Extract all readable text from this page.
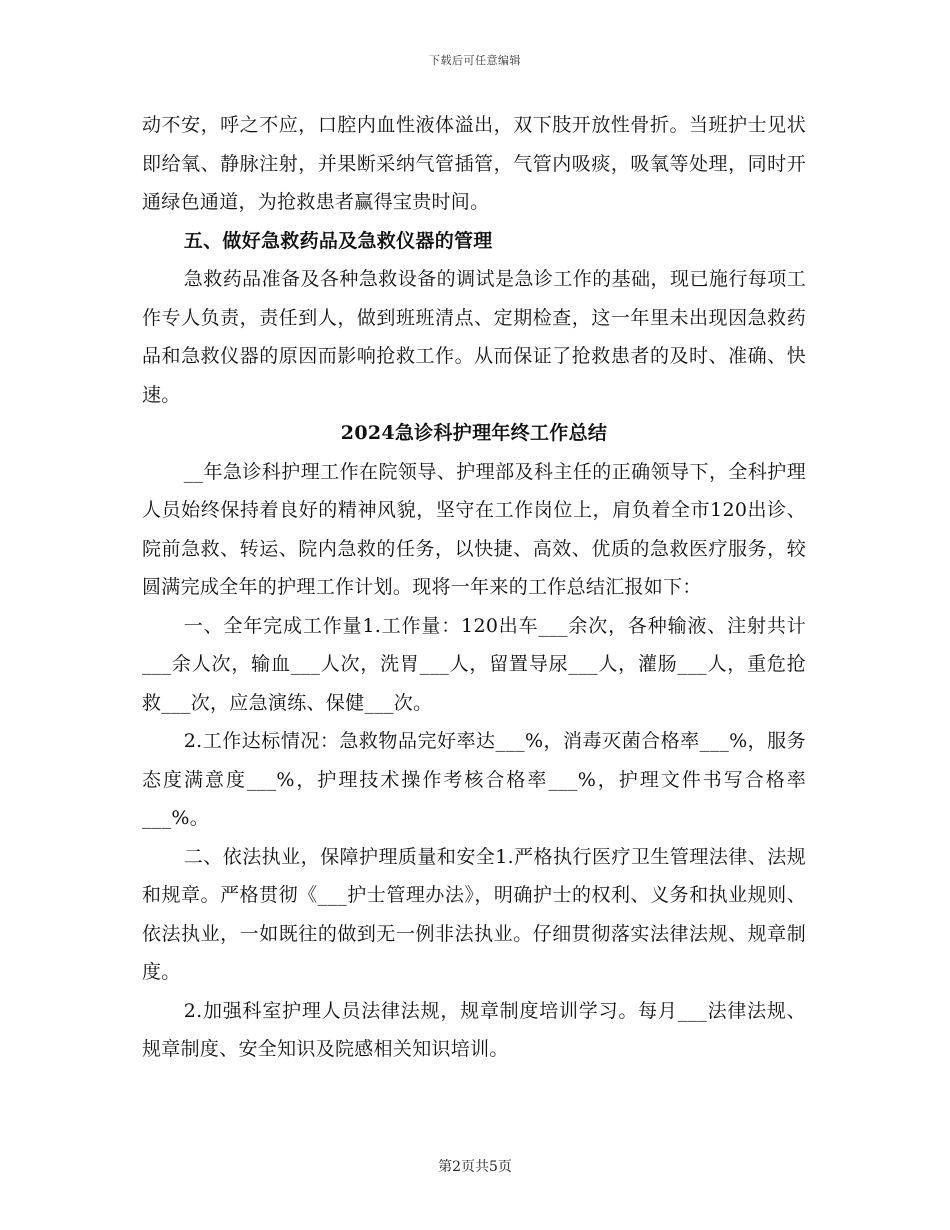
下载后可任意编辑

动不安，呼之不应，口腔内血性液体溢出，双下肢开放性骨折。当班护士见状即给氧、静脉注射，并果断采纳气管插管，气管内吸痰，吸氧等处理，同时开通绿色通道，为抢救患者赢得宝贵时间。

五、做好急救药品及急救仪器的管理

急救药品准备及各种急救设备的调试是急诊工作的基础，现已施行每项工作专人负责，责任到人，做到班班清点、定期检查，这一年里未出现因急救药品和急救仪器的原因而影响抢救工作。从而保证了抢救患者的及时、准确、快速。

2024急诊科护理年终工作总结

__年急诊科护理工作在院领导、护理部及科主任的正确领导下，全科护理人员始终保持着良好的精神风貌，坚守在工作岗位上，肩负着全市120出诊、院前急救、转运、院内急救的任务，以快捷、高效、优质的急救医疗服务，较圆满完成全年的护理工作计划。现将一年来的工作总结汇报如下：

一、全年完成工作量1.工作量：120出车___余次，各种输液、注射共计___余人次，输血___人次，洗胃___人，留置导尿___人，灌肠___人，重危抢救___次，应急演练、保健___次。

2.工作达标情况：急救物品完好率达___%，消毒灭菌合格率___%，服务态度满意度___%，护理技术操作考核合格率___%，护理文件书写合格率___%。

二、依法执业，保障护理质量和安全1.严格执行医疗卫生管理法律、法规和规章。严格贯彻《___护士管理办法》，明确护士的权利、义务和执业规则、依法执业，一如既往的做到无一例非法执业。仔细贯彻落实法律法规、规章制度。

2.加强科室护理人员法律法规，规章制度培训学习。每月___法律法规、规章制度、安全知识及院感相关知识培训。

第2页共5页
